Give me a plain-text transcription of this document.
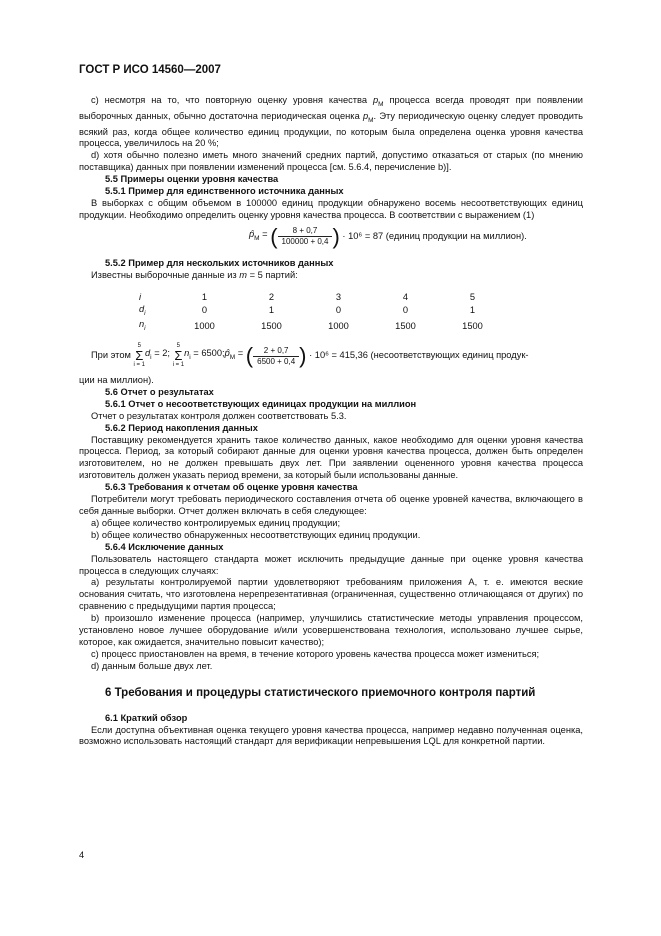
ГОСТ Р ИСО 14560—2007

c) несмотря на то, что повторную оценку уровня качества $p_M$ процесса всегда проводят при появлении выборочных данных, обычно достаточна периодическая оценка $p_M$. Эту периодическую оценку следует проводить всякий раз, когда общее количество единиц продукции, по которым была определена оценка уровня качества процесса, увеличилось на 20 %;

d) хотя обычно полезно иметь много значений средних партий, допустимо отказаться от старых (по мнению поставщика) данных при появлении изменений процесса [см. 5.6.4, перечисление b)].

5.5 Примеры оценки уровня качества

5.5.1 Пример для единственного источника данных

В выборках с общим объемом в 100000 единиц продукции обнаружено восемь несоответствующих единиц продукции. Необходимо определить оценку уровня качества процесса. В соответствии с выражением (1)

$p̂_M$ = ( $\frac{8 + 0,7}{100000 + 0,4}$ ) · 10⁶ = 87 (единиц продукции на миллион).

5.5.2 Пример для нескольких источников данных

Известны выборочные данные из m = 5 партий:

i	1	2	3	4	5
$d_i$	0	1	0	0	1
$n_i$	1000	1500	1000	1500	1500
При этом 5
Σ
$i = 1d_i = 2$; 5
Σ
$i = 1n_i$ = $6500;p̂_M$ = ( $\frac{2 + 0,7}{6500 + 0,4}$ ) · 10⁶ = 415,36 (несоответствующих единиц продук-

ции на миллион).

5.6 Отчет о результатах

5.6.1 Отчет о несоответствующих единицах продукции на миллион

Отчет о результатах контроля должен соответствовать 5.3.

5.6.2 Период накопления данных

Поставщику рекомендуется хранить такое количество данных, какое необходимо для оценки уровня качества процесса. Период, за который собирают данные для оценки уровня качества процесса, должен быть определен изготовителем, но не должен превышать двух лет. При заявлении оцененного уровня качества процесса изготовитель должен указать период времени, за который были использованы данные.

5.6.3 Требования к отчетам об оценке уровня качества

Потребители могут требовать периодического составления отчета об оценке уровней качества, включающего в себя данные выборки. Отчет должен включать в себя следующее:

a) общее количество контролируемых единиц продукции;

b) общее количество обнаруженных несоответствующих единиц продукции.

5.6.4 Исключение данных

Пользователь настоящего стандарта может исключить предыдущие данные при оценке уровня качества процесса в следующих случаях:

a) результаты контролируемой партии удовлетворяют требованиям приложения A, т. е. имеются веские основания считать, что изготовлена нерепрезентативная (ограниченная, существенно отличающаяся от других) по сравнению с предыдущими партия процесса;

b) произошло изменение процесса (например, улучшились статистические методы управления процессом, установлено новое лучшее оборудование и/или усовершенствована технология, использовано лучшее сырье, которое, как ожидается, значительно повысит качество);

c) процесс приостановлен на время, в течение которого уровень качества процесса может измениться;

d) данным больше двух лет.

6 Требования и процедуры статистического приемочного контроля партий

6.1 Краткий обзор

Если доступна объективная оценка текущего уровня качества процесса, например недавно полученная оценка, возможно использовать настоящий стандарт для верификации непревышения LQL для конкретной партии.

4
